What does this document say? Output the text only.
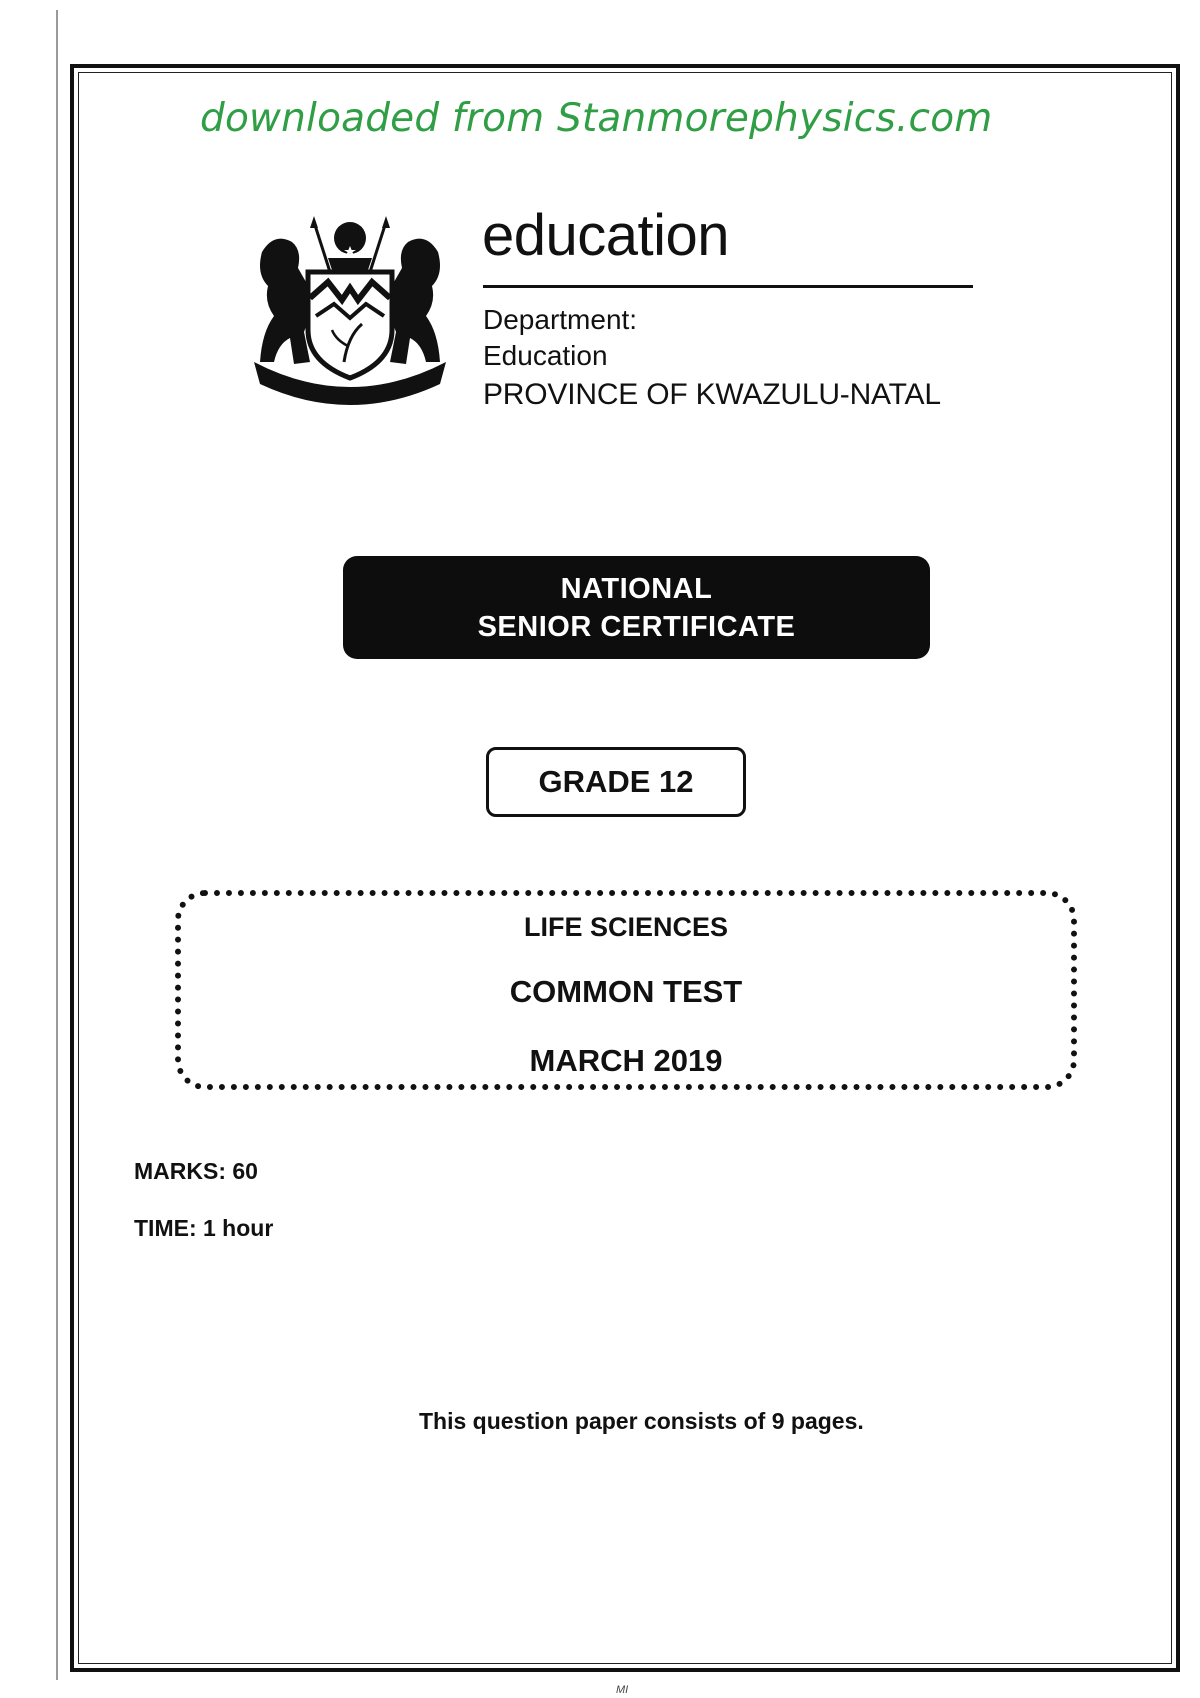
downloaded from Stanmorephysics.com
education
Department:
Education
PROVINCE OF KWAZULU-NATAL
NATIONAL
SENIOR CERTIFICATE
GRADE 12
LIFE SCIENCES
COMMON TEST
MARCH 2019
MARKS: 60
TIME: 1 hour
This question paper consists of 9 pages.
MI
